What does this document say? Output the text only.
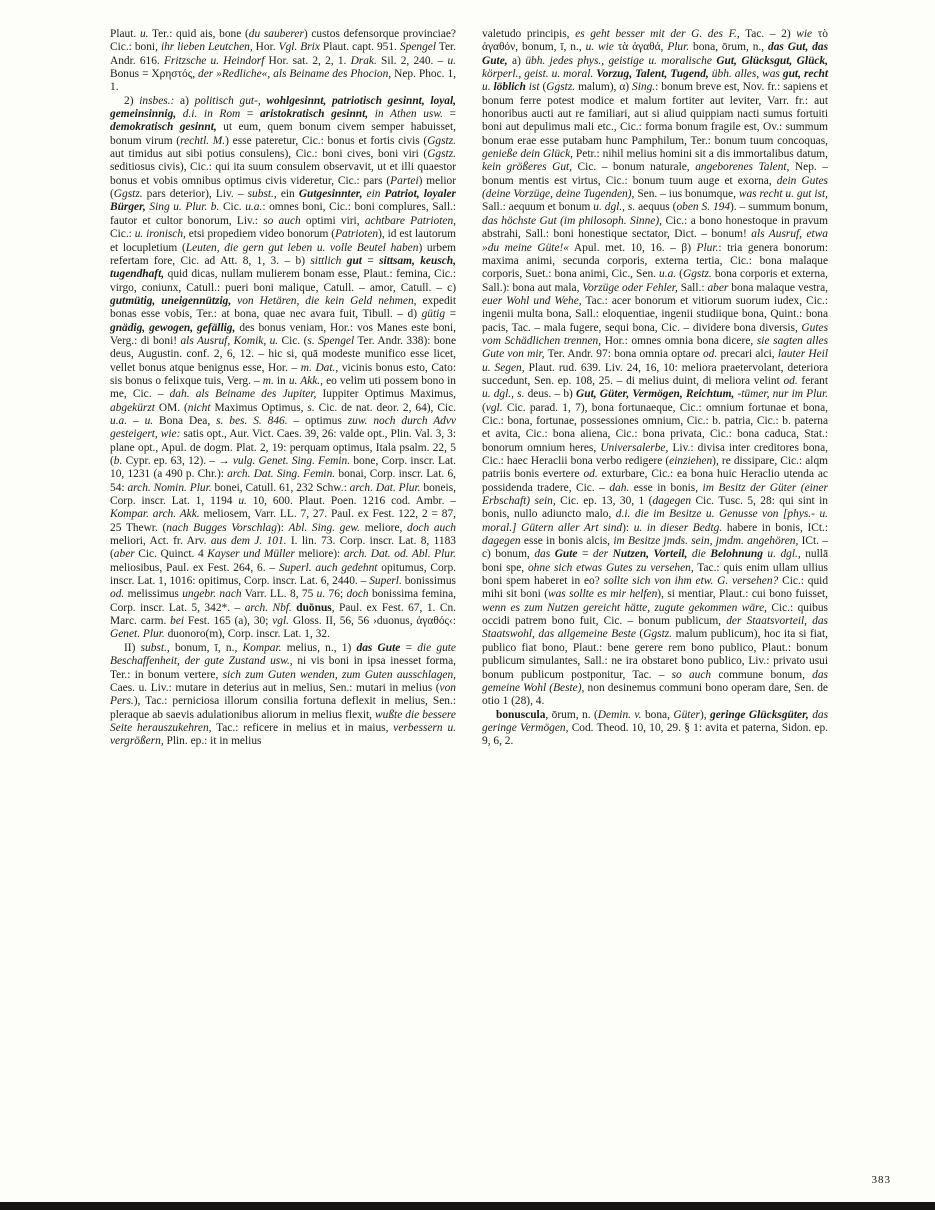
Plaut. u. Ter.: quid ais, bone (du sauberer) custos defensorque provinciae? Cic.: boni, ihr lieben Leutchen, Hor. Vgl. Brix Plaut. capt. 951. Spengel Ter. Andr. 616. Fritzsche u. Heindorf Hor. sat. 2, 2, 1. Drak. Sil. 2, 240. – u. Bonus = Χρηστός, der »Redliche«, als Beiname des Phocion, Nep. Phoc. 1, 1.

2) insbes.: a) politisch gut-, wohlgesinnt, patriotisch gesinnt, loyal, gemeinsinnig, d.i. in Rom = aristokratisch gesinnt, in Athen usw. = demokratisch gesinnt, ut eum, quem bonum civem semper habuisset, bonum virum (rechtl. M.) esse pateretur, Cic.: bonus et fortis civis (Ggstz. aut timidus aut sibi potius consulens), Cic.: boni cives, boni viri (Ggstz. seditiosus civis), Cic.: qui ita suum consulem observavit, ut et illi quaestor bonus et vobis omnibus optimus civis videretur, Cic.: pars (Partei) melior (Ggstz. pars deterior), Liv. – subst., ein Gutgesinnter, ein Patriot, loyaler Bürger, Sing u. Plur. b. Cic. u.a.: omnes boni, Cic.: boni complures, Sall.: fautor et cultor bonorum, Liv.: so auch optimi viri, achtbare Patrioten, Cic.: u. ironisch, etsi propediem video bonorum (Patrioten), id est lautorum et locupletium (Leuten, die gern gut leben u. volle Beutel haben) urbem refertam fore, Cic. ad Att. 8, 1, 3. – b) sittlich gut = sittsam, keusch, tugendhaft, quid dicas, nullam mulierem bonam esse, Plaut.: femina, Cic.: virgo, coniunx, Catull.: pueri boni malique, Catull. – amor, Catull. – c) gutmütig, uneigennützig, von Hetären, die kein Geld nehmen, expedit bonas esse vobis, Ter.: at bona, quae nec avara fuit, Tibull. – d) gütig = gnädig, gewogen, gefällig, des bonus veniam, Hor.: vos Manes este boni, Verg.: di boni! als Ausruf, Komik, u. Cic. (s. Spengel Ter. Andr. 338): bone deus, Augustin. conf. 2, 6, 12. – hic si, quā modeste munifico esse licet, vellet bonus atque benignus esse, Hor. – m. Dat., vicinis bonus esto, Cato: sis bonus o felixque tuis, Verg. – m. in u. Akk., eo velim uti possem bono in me, Cic. – dah. als Beiname des Jupiter, Iuppiter Optimus Maximus, abgekürzt OM. (nicht Maximus Optimus, s. Cic. de nat. deor. 2, 64), Cic. u.a. – u. Bona Dea, s. bes. S. 846. – optimus zuw. noch durch Advv gesteigert, wie: satis opt., Aur. Vict. Caes. 39, 26: valde opt., Plin. Val. 3, 3: plane opt., Apul. de dogm. Plat. 2, 19: perquam optimus, Itala psalm. 22, 5 (b. Cypr. ep. 63, 12). – → vulg. Genet. Sing. Femin. bone, Corp. inscr. Lat. 10, 1231 (a 490 p. Chr.): arch. Dat. Sing. Femin. bonai, Corp. inscr. Lat. 6, 54: arch. Nomin. Plur. bonei, Catull. 61, 232 Schw.: arch. Dat. Plur. boneis, Corp. inscr. Lat. 1, 1194 u. 10, 600. Plaut. Poen. 1216 cod. Ambr. – Kompar. arch. Akk. meliosem, Varr. LL. 7, 27. Paul. ex Fest. 122, 2 = 87, 25 Thewr. (nach Bugges Vorschlag): Abl. Sing. gew. meliore, doch auch meliori, Act. fr. Arv. aus dem J. 101. I. lin. 73. Corp. inscr. Lat. 8, 1183 (aber Cic. Quinct. 4 Kayser und Müller meliore): arch. Dat. od. Abl. Plur. meliosibus, Paul. ex Fest. 264, 6. – Superl. auch gedehnt opitumus, Corp. inscr. Lat. 1, 1016: opitimus, Corp. inscr. Lat. 6, 2440. – Superl. bonissimus od. melissimus ungebr. nach Varr. LL. 8, 75 u. 76; doch bonissima femina, Corp. inscr. Lat. 5, 342*. – arch. Nbf. duōnus, Paul. ex Fest. 67, 1. Cn. Marc. carm. bei Fest. 165 (a), 30; vgl. Gloss. II, 56, 56 ›duonus, ἀγαθός‹: Genet. Plur. duonoro(m), Corp. inscr. Lat. 1, 32.

II) subst., bonum, ī, n., Kompar. melius, n., 1) das Gute = die gute Beschaffenheit, der gute Zustand usw., ni vis boni in ipsa inesset forma, Ter.: in bonum vertere, sich zum Guten wenden, zum Guten ausschlagen, Caes. u. Liv.: mutare in deterius aut in melius, Sen.: mutari in melius (von Pers.), Tac.: perniciosa illorum consilia fortuna deflexit in melius, Sen.: pleraque ab saevis adulationibus aliorum in melius flexit, wußte die bessere Seite herauszukehren, Tac.: reficere in melius et in maius, verbessern u. vergrößern, Plin. ep.: it in melius

valetudo principis, es geht besser mit der G. des F., Tac. – 2) wie τὸ ἀγαθόν, bonum, ī, n., u. wie τὰ ἀγαθά, Plur. bona, ōrum, n., das Gut, das Gute, a) übh. jedes phys., geistige u. moralische Gut, Glücksgut, Glück, körperl., geist. u. moral. Vorzug, Talent, Tugend, übh. alles, was gut, recht u. löblich ist (Ggstz. malum), α) Sing.: bonum breve est, Nov. fr.: sapiens et bonum ferre potest modice et malum fortiter aut leviter, Varr. fr.: aut honoribus aucti aut re familiari, aut si aliud quippiam nacti sumus fortuiti boni aut depulimus mali etc., Cic.: forma bonum fragile est, Ov.: summum bonum erae esse putabam hunc Pamphilum, Ter.: bonum tuum concoquas, genieße dein Glück, Petr.: nihil melius homini sit a dis immortalibus datum, kein größeres Gut, Cic. – bonum naturale, angeborenes Talent, Nep. – bonum mentis est virtus, Cic.: bonum tuum auge et exorna, dein Gutes (deine Vorzüge, deine Tugenden), Sen. – ius bonumque, was recht u. gut ist, Sall.: aequum et bonum u. dgl., s. aequus (oben S. 194). – summum bonum, das höchste Gut (im philosoph. Sinne), Cic.: a bono honestoque in pravum abstrahi, Sall.: boni honestique sectator, Dict. – bonum! als Ausruf, etwa »du meine Güte!« Apul. met. 10, 16. – β) Plur.: tria genera bonorum: maxima animi, secunda corporis, externa tertia, Cic.: bona malaque corporis, Suet.: bona animi, Cic., Sen. u.a. (Ggstz. bona corporis et externa, Sall.): bona aut mala, Vorzüge oder Fehler, Sall.: aber bona malaque vestra, euer Wohl und Wehe, Tac.: acer bonorum et vitiorum suorum iudex, Cic.: ingenii multa bona, Sall.: eloquentiae, ingenii studiique bona, Quint.: bona pacis, Tac. – mala fugere, sequi bona, Cic. – dividere bona diversis, Gutes vom Schädlichen trennen, Hor.: omnes omnia bona dicere, sie sagten alles Gute von mir, Ter. Andr. 97: bona omnia optare od. precari alci, lauter Heil u. Segen, Plaut. rud. 639. Liv. 24, 16, 10: meliora praetervolant, deteriora succedunt, Sen. ep. 108, 25. – di melius duint, di meliora velint od. ferant u. dgl., s. deus. – b) Gut, Güter, Vermögen, Reichtum, -tümer, nur im Plur. (vgl. Cic. parad. 1, 7), bona fortunaeque, Cic.: omnium fortunae et bona, Cic.: bona, fortunae, possessiones omnium, Cic.: b. patria, Cic.: b. paterna et avita, Cic.: bona aliena, Cic.: bona privata, Cic.: bona caduca, Stat.: bonorum omnium heres, Universalerbe, Liv.: divisa inter creditores bona, Cic.: haec Heraclii bona verbo redigere (einziehen), re dissipare, Cic.: alqm patriis bonis evertere od. exturbare, Cic.: ea bona huic Heraclio utenda ac possidenda tradere, Cic. – dah. esse in bonis, im Besitz der Güter (einer Erbschaft) sein, Cic. ep. 13, 30, 1 (dagegen Cic. Tusc. 5, 28: qui sint in bonis, nullo adiuncto malo, d.i. die im Besitze u. Genusse von [phys.- u. moral.] Gütern aller Art sind): u. in dieser Bedtg. habere in bonis, ICt.: dagegen esse in bonis alcis, im Besitze jmds. sein, jmdm. angehören, ICt. – c) bonum, das Gute = der Nutzen, Vorteil, die Belohnung u. dgl., nullā boni spe, ohne sich etwas Gutes zu versehen, Tac.: quis enim ullam ullius boni spem haberet in eo? sollte sich von ihm etw. G. versehen? Cic.: quid mihi sit boni (was sollte es mir helfen), si mentiar, Plaut.: cui bono fuisset, wenn es zum Nutzen gereicht hätte, zugute gekommen wäre, Cic.: quibus occidi patrem bono fuit, Cic. – bonum publicum, der Staatsvorteil, das Staatswohl, das allgemeine Beste (Ggstz. malum publicum), hoc ita si fiat, publico fiat bono, Plaut.: bene gerere rem bono publico, Plaut.: bonum publicum simulantes, Sall.: ne ira obstaret bono publico, Liv.: privato usui bonum publicum postponitur, Tac. – so auch commune bonum, das gemeine Wohl (Beste), non desinemus communi bono operam dare, Sen. de otio 1 (28), 4.

bonuscula, ōrum, n. (Demin. v. bona, Güter), geringe Glücksgüter, das geringe Vermögen, Cod. Theod. 10, 10, 29. § 1: avita et paterna, Sidon. ep. 9, 6, 2.

383
